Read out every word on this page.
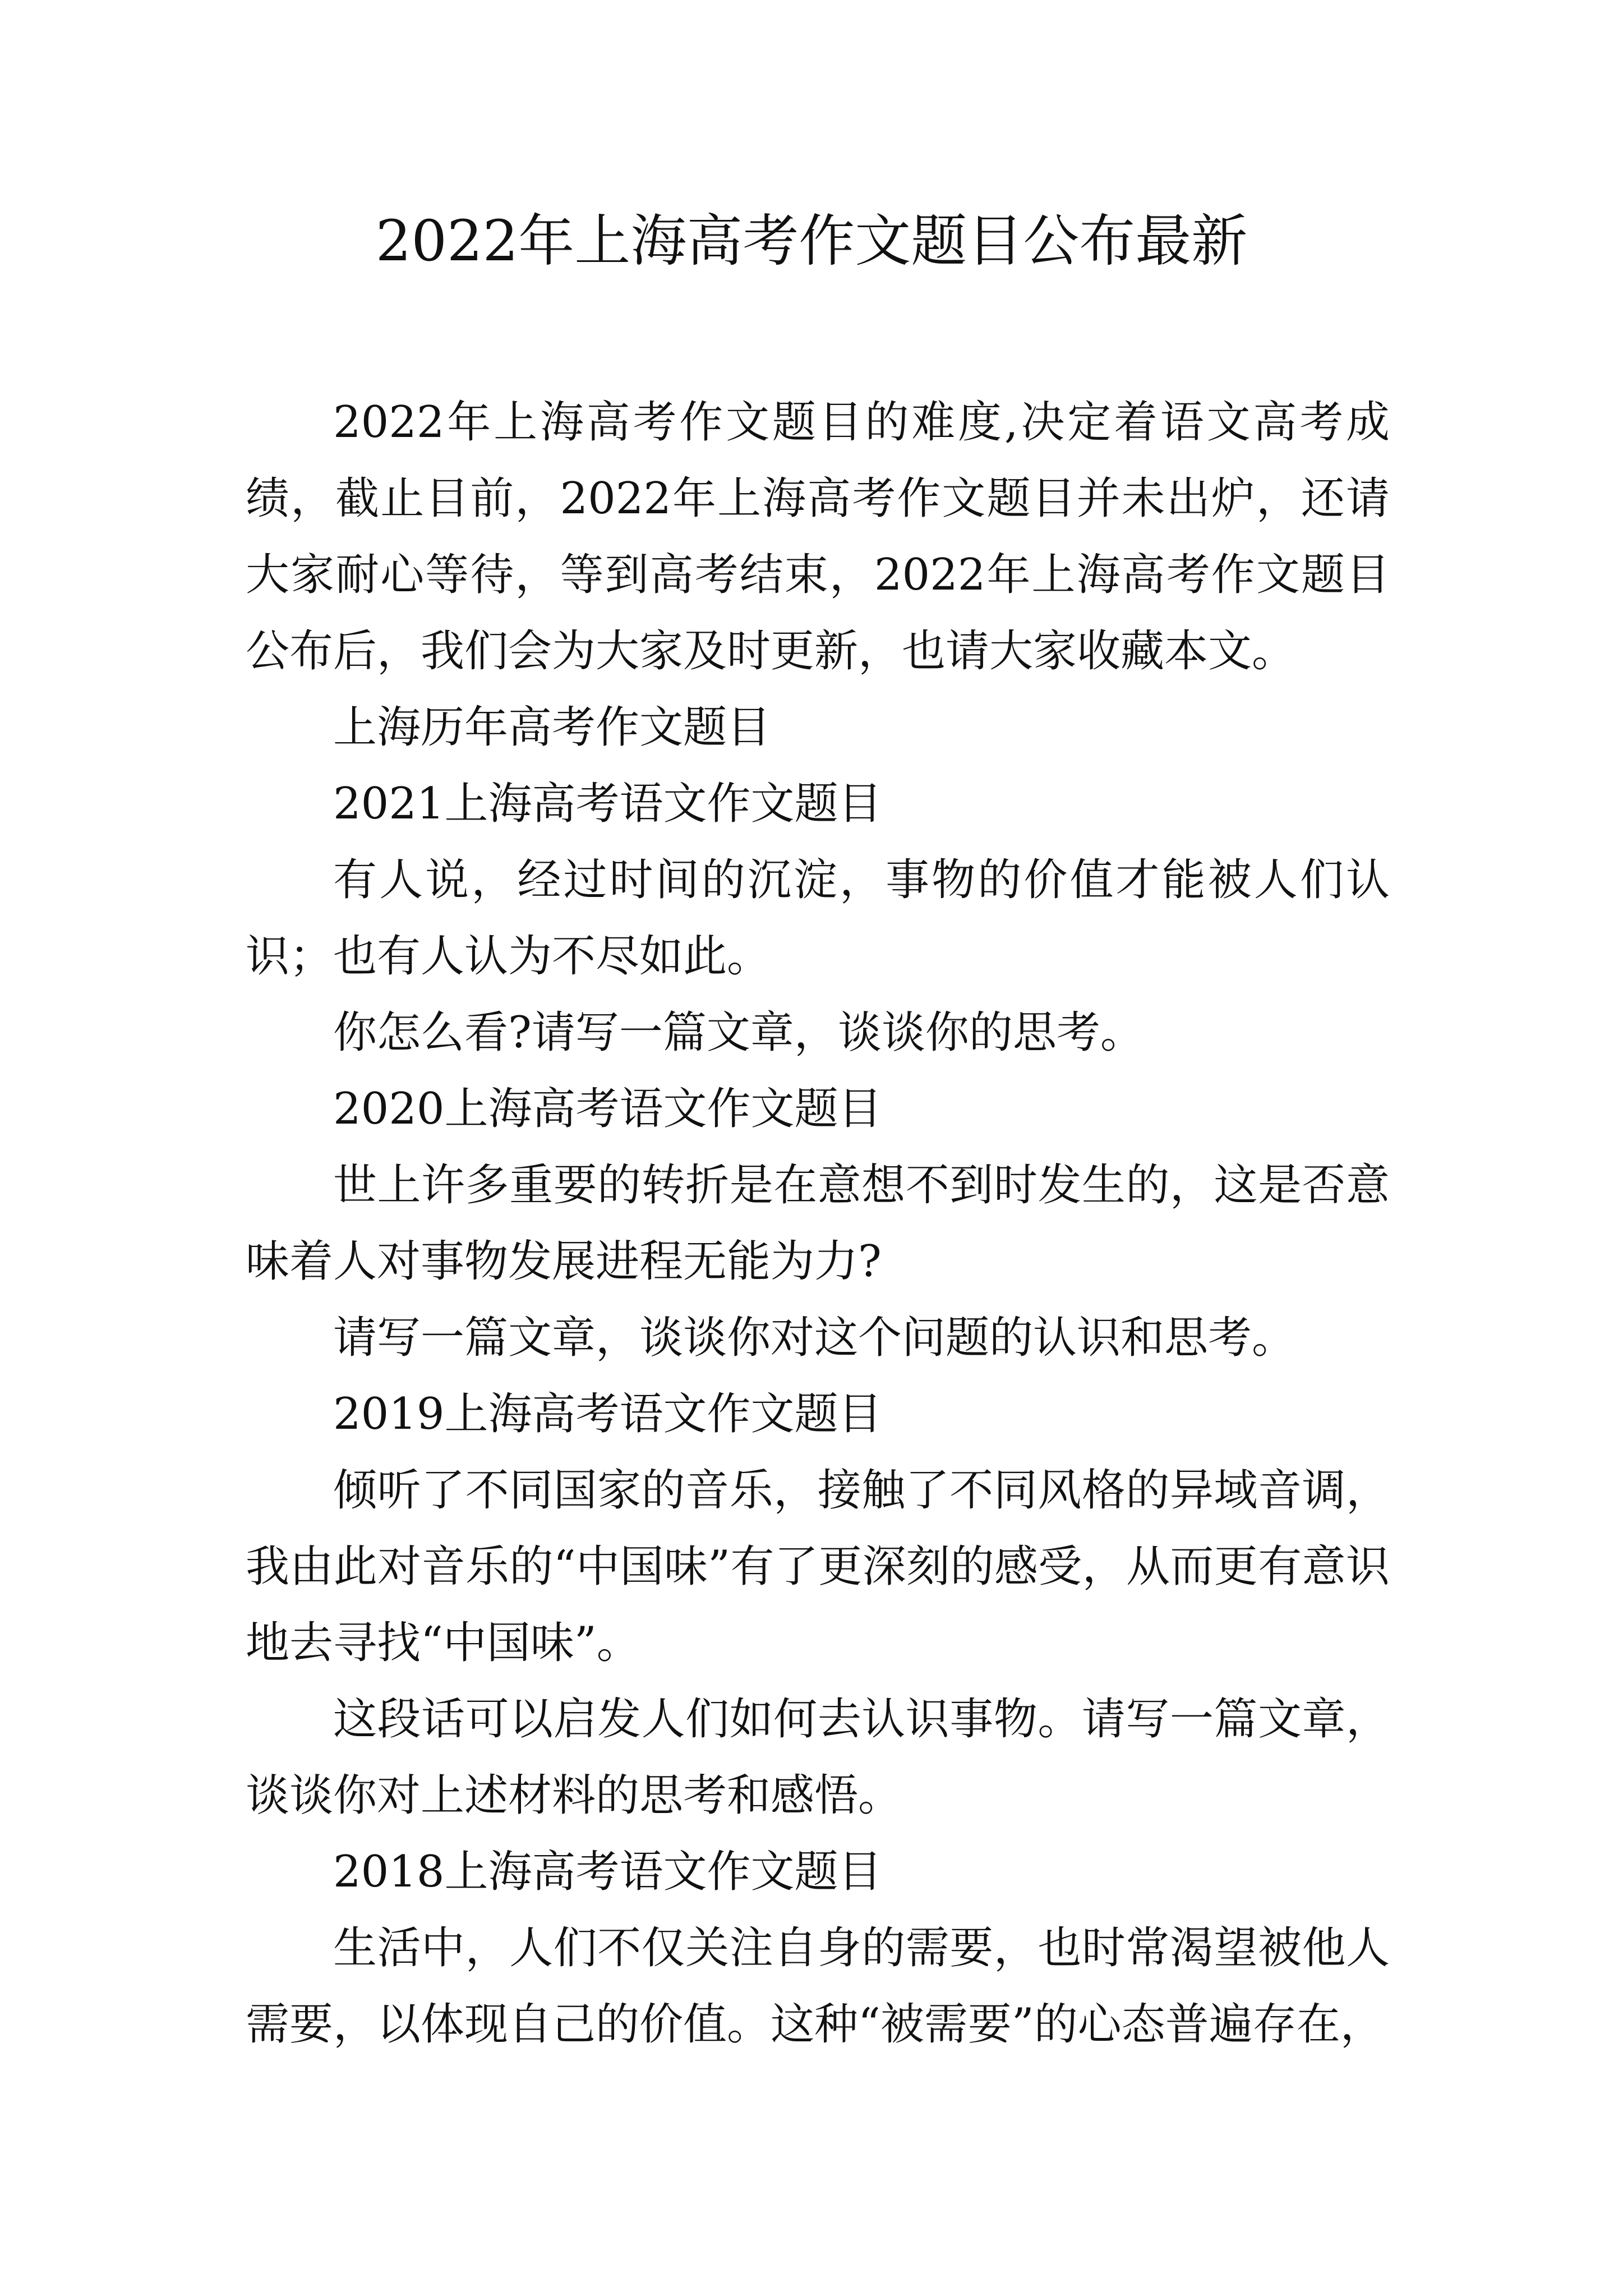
2022年上海高考作文题目公布最新

2022年上海高考作文题目的难度,决定着语文高考成绩，截止目前，2022年上海高考作文题目并未出炉，还请大家耐心等待，等到高考结束，2022年上海高考作文题目公布后，我们会为大家及时更新，也请大家收藏本文。

上海历年高考作文题目

2021上海高考语文作文题目

有人说，经过时间的沉淀，事物的价值才能被人们认识；也有人认为不尽如此。

你怎么看?请写一篇文章，谈谈你的思考。

2020上海高考语文作文题目

世上许多重要的转折是在意想不到时发生的，这是否意味着人对事物发展进程无能为力?

请写一篇文章，谈谈你对这个问题的认识和思考。

2019上海高考语文作文题目

倾听了不同国家的音乐，接触了不同风格的异域音调，我由此对音乐的“中国味”有了更深刻的感受，从而更有意识地去寻找“中国味”。

这段话可以启发人们如何去认识事物。请写一篇文章，谈谈你对上述材料的思考和感悟。

2018上海高考语文作文题目

生活中，人们不仅关注自身的需要，也时常渴望被他人需要，以体现自己的价值。这种“被需要”的心态普遍存在，
